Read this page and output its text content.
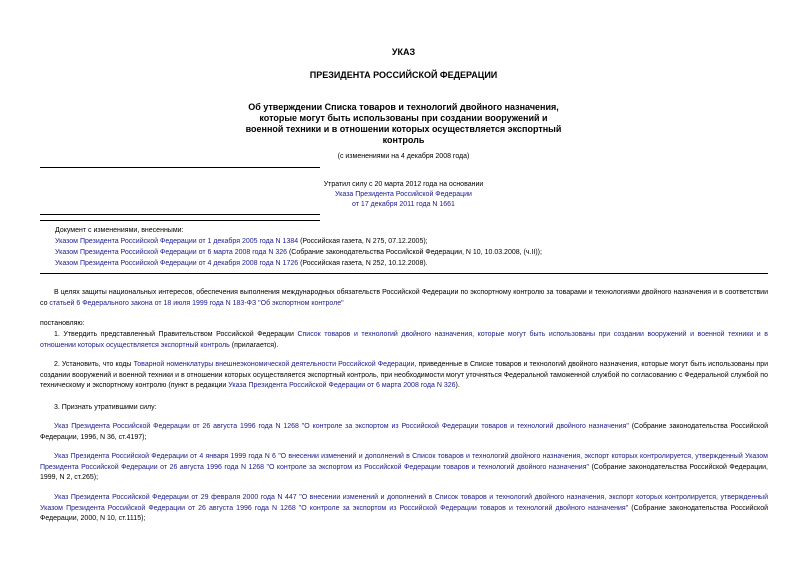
УКАЗ
ПРЕЗИДЕНТА РОССИЙСКОЙ ФЕДЕРАЦИИ
Об утверждении Списка товаров и технологий двойного назначения, которые могут быть использованы при создании вооружений и военной техники и в отношении которых осуществляется экспортный контроль
(с изменениями на 4 декабря 2008 года)
Утратил силу с 20 марта 2012 года на основании
Указа Президента Российской Федерации
от 17 декабря 2011 года N 1661
Документ с изменениями, внесенными:
Указом Президента Российской Федерации от 1 декабря 2005 года N 1384 (Российская газета, N 275, 07.12.2005);
Указом Президента Российской Федерации от 6 марта 2008 года N 326 (Собрание законодательства Российской Федерации, N 10, 10.03.2008, (ч.II));
Указом Президента Российской Федерации от 4 декабря 2008 года N 1726 (Российская газета, N 252, 10.12.2008).
В целях защиты национальных интересов, обеспечения выполнения международных обязательств Российской Федерации по экспортному контролю за товарами и технологиями двойного назначения и в соответствии со статьей 6 Федерального закона от 18 июля 1999 года N 183-ФЗ "Об экспортном контроле"
постановляю:
1. Утвердить представленный Правительством Российской Федерации Список товаров и технологий двойного назначения, которые могут быть использованы при создании вооружений и военной техники и в отношении которых осуществляется экспортный контроль (прилагается).
2. Установить, что коды Товарной номенклатуры внешнеэкономической деятельности Российской Федерации, приведенные в Списке товаров и технологий двойного назначения, которые могут быть использованы при создании вооружений и военной техники и в отношении которых осуществляется экспортный контроль, при необходимости могут уточняться Федеральной таможенной службой по согласованию с Федеральной службой по техническому и экспортному контролю (пункт в редакции Указа Президента Российской Федерации от 6 марта 2008 года N 326).
3. Признать утратившими силу:
Указ Президента Российской Федерации от 26 августа 1996 года N 1268 "О контроле за экспортом из Российской Федерации товаров и технологий двойного назначения" (Собрание законодательства Российской Федерации, 1996, N 36, ст.4197);
Указ Президента Российской Федерации от 4 января 1999 года N 6 "О внесении изменений и дополнений в Список товаров и технологий двойного назначения, экспорт которых контролируется, утвержденный Указом Президента Российской Федерации от 26 августа 1996 года N 1268 "О контроле за экспортом из Российской Федерации товаров и технологий двойного назначения" (Собрание законодательства Российской Федерации, 1999, N 2, ст.265);
Указ Президента Российской Федерации от 29 февраля 2000 года N 447 "О внесении изменений и дополнений в Список товаров и технологий двойного назначения, экспорт которых контролируется, утвержденный Указом Президента Российской Федерации от 26 августа 1996 года N 1268 "О контроле за экспортом из Российской Федерации товаров и технологий двойного назначения" (Собрание законодательства Российской Федерации, 2000, N 10, ст.1115);
